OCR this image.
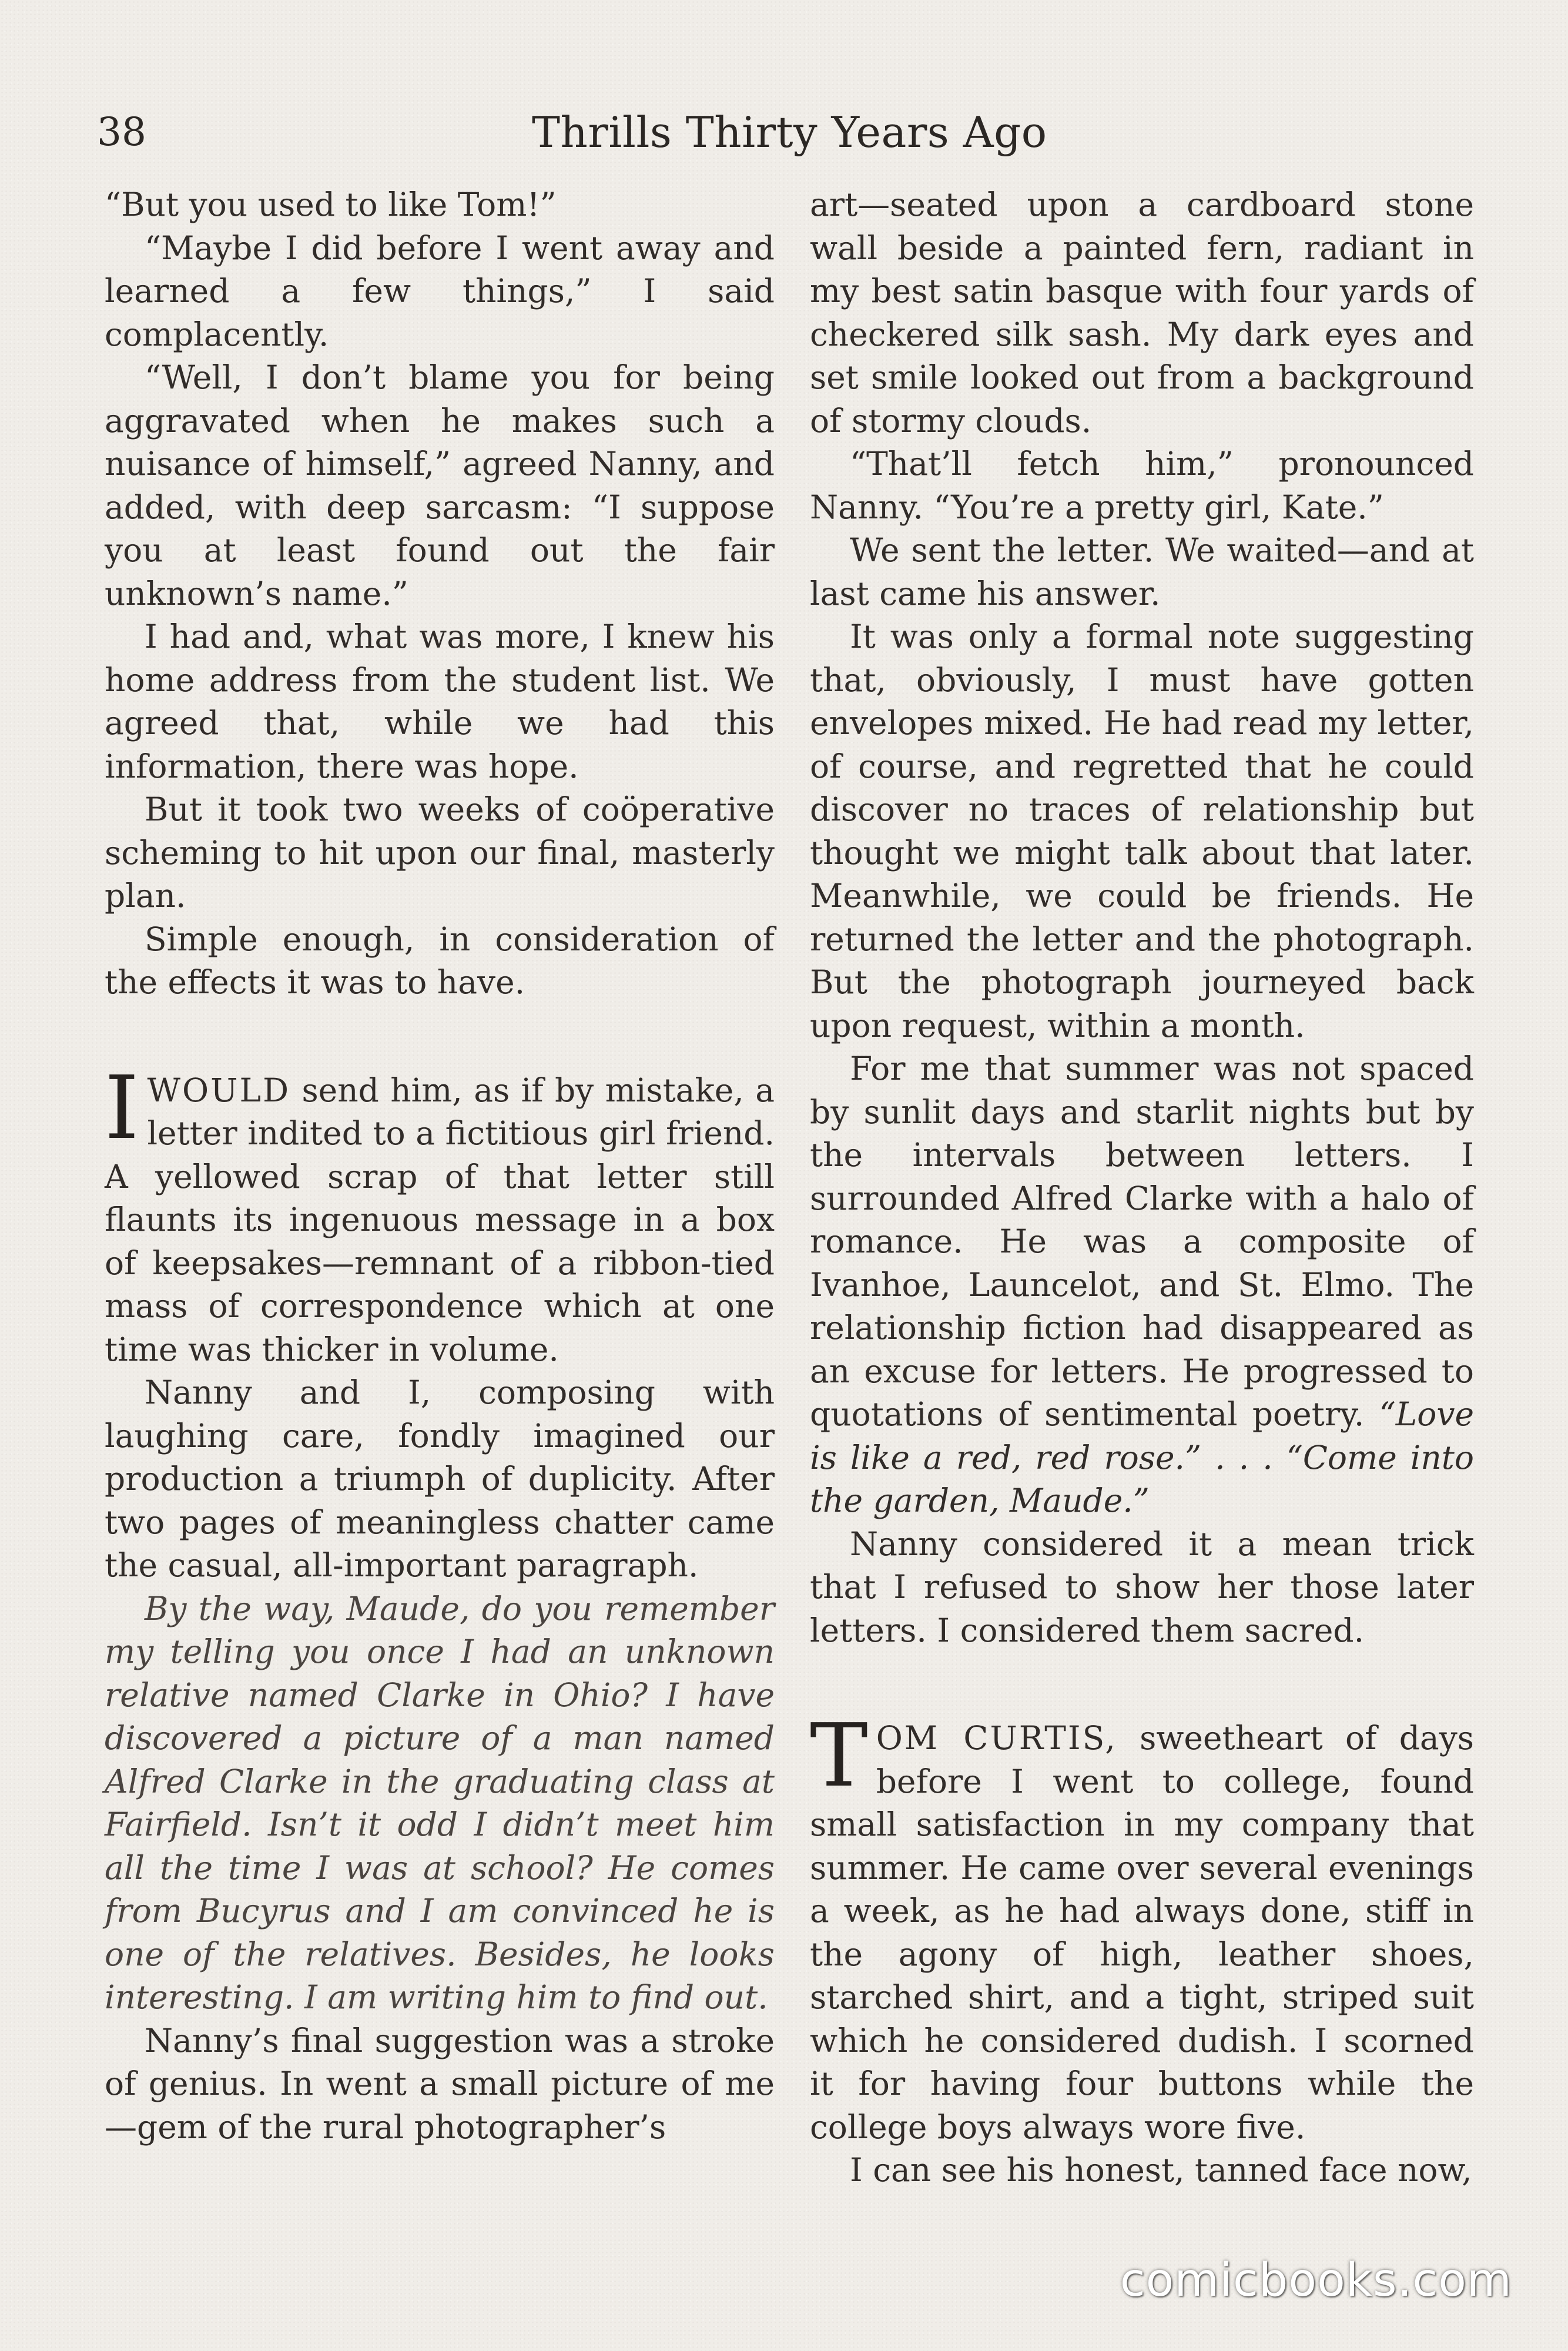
38	Thrills Thirty Years Ago

“But you used to like Tom!”

“Maybe I did before I went away and learned a few things,” I said complacently.

“Well, I don’t blame you for being aggravated when he makes such a nuisance of himself,” agreed Nanny, and added, with deep sarcasm: “I suppose you at least found out the fair unknown’s name.”

I had and, what was more, I knew his home address from the student list. We agreed that, while we had this information, there was hope.

But it took two weeks of coöperative scheming to hit upon our final, masterly plan.

Simple enough, in consideration of the effects it was to have.

IWOULD send him, as if by mistake, a letter indited to a fictitious girl friend. A yellowed scrap of that letter still flaunts its ingenuous message in a box of keepsakes—remnant of a ribbon-tied mass of correspondence which at one time was thicker in volume.

Nanny and I, composing with laughing care, fondly imagined our production a triumph of duplicity. After two pages of meaningless chatter came the casual, all-important paragraph.

By the way, Maude, do you remember my telling you once I had an unknown relative named Clarke in Ohio? I have discovered a picture of a man named Alfred Clarke in the graduating class at Fairfield. Isn’t it odd I didn’t meet him all the time I was at school? He comes from Bucyrus and I am convinced he is one of the relatives. Besides, he looks interesting. I am writing him to find out.

Nanny’s final suggestion was a stroke of genius. In went a small picture of me—gem of the rural photographer’s

art—seated upon a cardboard stone wall beside a painted fern, radiant in my best satin basque with four yards of checkered silk sash. My dark eyes and set smile looked out from a background of stormy clouds.

“That’ll fetch him,” pronounced Nanny. “You’re a pretty girl, Kate.”

We sent the letter. We waited—and at last came his answer.

It was only a formal note suggesting that, obviously, I must have gotten envelopes mixed. He had read my letter, of course, and regretted that he could discover no traces of relationship but thought we might talk about that later. Meanwhile, we could be friends. He returned the letter and the photograph. But the photograph journeyed back upon request, within a month.

For me that summer was not spaced by sunlit days and starlit nights but by the intervals between letters. I surrounded Alfred Clarke with a halo of romance. He was a composite of Ivanhoe, Launcelot, and St. Elmo. The relationship fiction had disappeared as an excuse for letters. He progressed to quotations of sentimental poetry. “Love is like a red, red rose.” . . . “Come into the garden, Maude.”

Nanny considered it a mean trick that I refused to show her those later letters. I considered them sacred.

TOM CURTIS, sweetheart of days before I went to college, found small satisfaction in my company that summer. He came over several evenings a week, as he had always done, stiff in the agony of high, leather shoes, starched shirt, and a tight, striped suit which he considered dudish. I scorned it for having four buttons while the college boys always wore five.

I can see his honest, tanned face now,

comicbooks.com
